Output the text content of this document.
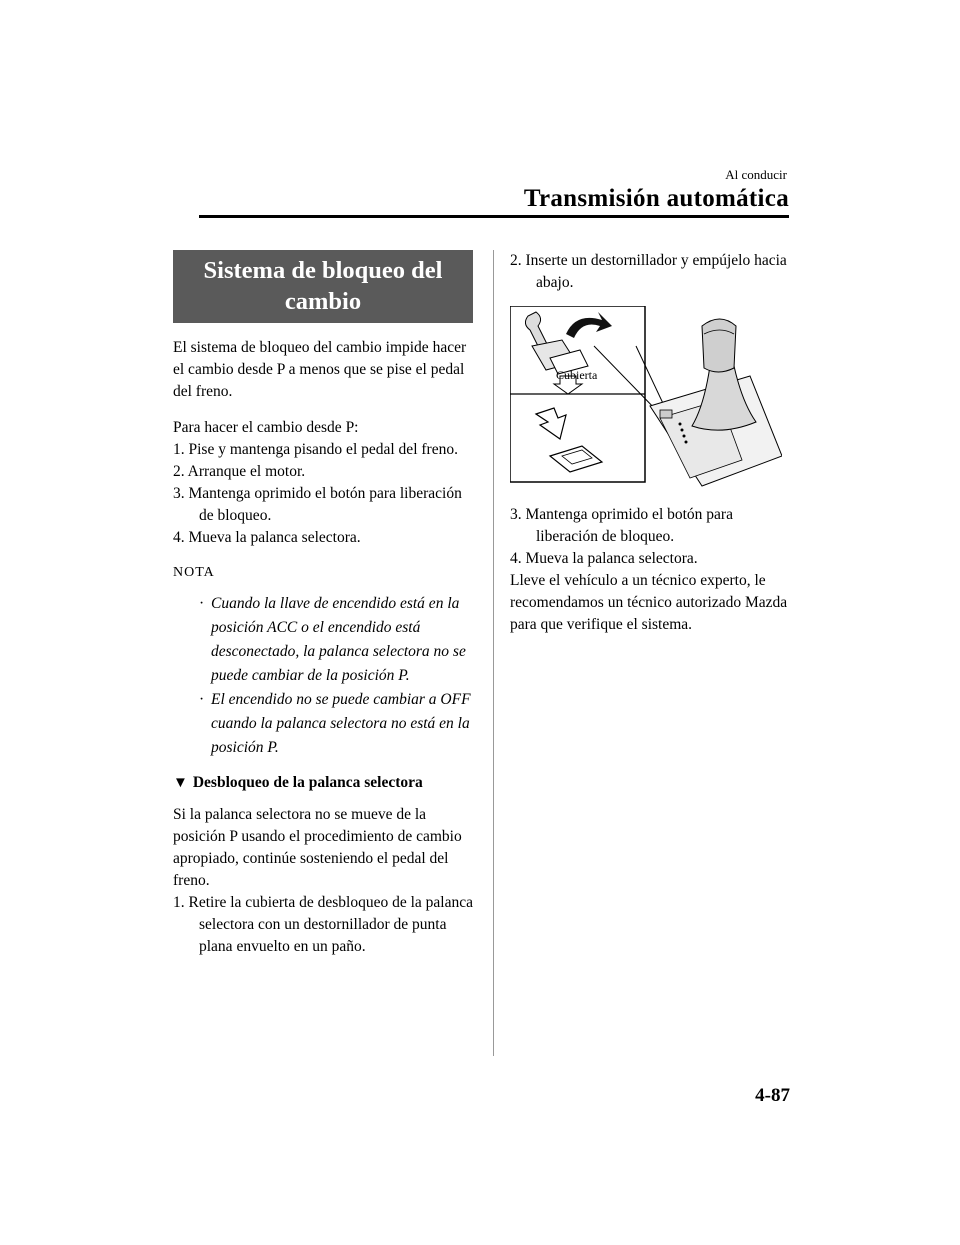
Al conducir
Transmisión automática
Sistema de bloqueo del cambio

El sistema de bloqueo del cambio impide hacer el cambio desde P a menos que se pise el pedal del freno.

Para hacer el cambio desde P:

1. Pise y mantenga pisando el pedal del freno.

2. Arranque el motor.

3. Mantenga oprimido el botón para liberación de bloqueo.

4. Mueva la palanca selectora.

NOTA

· Cuando la llave de encendido está en la posición ACC o el encendido está desconectado, la palanca selectora no se puede cambiar de la posición P.

· El encendido no se puede cambiar a OFF cuando la palanca selectora no está en la posición P.

▼ Desbloqueo de la palanca selectora

Si la palanca selectora no se mueve de la posición P usando el procedimiento de cambio apropiado, continúe sosteniendo el pedal del freno.

1. Retire la cubierta de desbloqueo de la palanca selectora con un destornillador de punta plana envuelto en un paño.

2. Inserte un destornillador y empújelo hacia abajo.

Cubierta

3. Mantenga oprimido el botón para liberación de bloqueo.

4. Mueva la palanca selectora.

Lleve el vehículo a un técnico experto, le recomendamos un técnico autorizado Mazda para que verifique el sistema.

4-87
